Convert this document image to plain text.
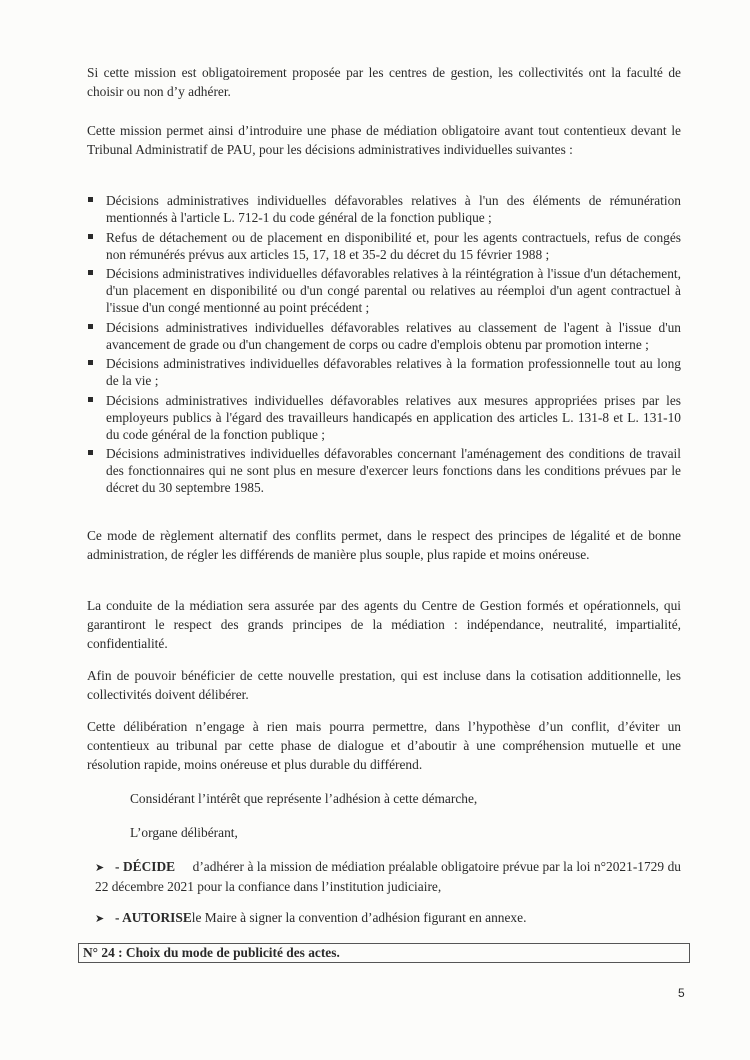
Si cette mission est obligatoirement proposée par les centres de gestion, les collectivités ont la faculté de choisir ou non d’y adhérer.

Cette mission permet ainsi d’introduire une phase de médiation obligatoire avant tout contentieux devant le Tribunal Administratif de PAU, pour les décisions administratives individuelles suivantes :

Décisions administratives individuelles défavorables relatives à l'un des éléments de rémunération mentionnés à l'article L. 712-1 du code général de la fonction publique ;
Refus de détachement ou de placement en disponibilité et, pour les agents contractuels, refus de congés non rémunérés prévus aux articles 15, 17, 18 et 35-2 du décret du 15 février 1988 ;
Décisions administratives individuelles défavorables relatives à la réintégration à l'issue d'un détachement, d'un placement en disponibilité ou d'un congé parental ou relatives au réemploi d'un agent contractuel à l'issue d'un congé mentionné au point précédent ;
Décisions administratives individuelles défavorables relatives au classement de l'agent à l'issue d'un avancement de grade ou d'un changement de corps ou cadre d'emplois obtenu par promotion interne ;
Décisions administratives individuelles défavorables relatives à la formation professionnelle tout au long de la vie ;
Décisions administratives individuelles défavorables relatives aux mesures appropriées prises par les employeurs publics à l'égard des travailleurs handicapés en application des articles L. 131-8 et L. 131-10 du code général de la fonction publique ;
Décisions administratives individuelles défavorables concernant l'aménagement des conditions de travail des fonctionnaires qui ne sont plus en mesure d'exercer leurs fonctions dans les conditions prévues par le décret du 30 septembre 1985.

Ce mode de règlement alternatif des conflits permet, dans le respect des principes de légalité et de bonne administration, de régler les différends de manière plus souple, plus rapide et moins onéreuse.

La conduite de la médiation sera assurée par des agents du Centre de Gestion formés et opérationnels, qui garantiront le respect des grands principes de la médiation : indépendance, neutralité, impartialité, confidentialité.

Afin de pouvoir bénéficier de cette nouvelle prestation, qui est incluse dans la cotisation additionnelle, les collectivités doivent délibérer.

Cette délibération n’engage à rien mais pourra permettre, dans l’hypothèse d’un conflit, d’éviter un contentieux au tribunal par cette phase de dialogue et d’aboutir à une compréhension mutuelle et une résolution rapide, moins onéreuse et plus durable du différend.

Considérant l’intérêt que représente l’adhésion à cette démarche,

L’organe délibérant,

➤ - DÉCIDE d’adhérer à la mission de médiation préalable obligatoire prévue par la loi n°2021-1729 du 22 décembre 2021 pour la confiance dans l’institution judiciaire,

➤ - AUTORISEle Maire à signer la convention d’adhésion figurant en annexe.

N° 24 : Choix du mode de publicité des actes.
5
